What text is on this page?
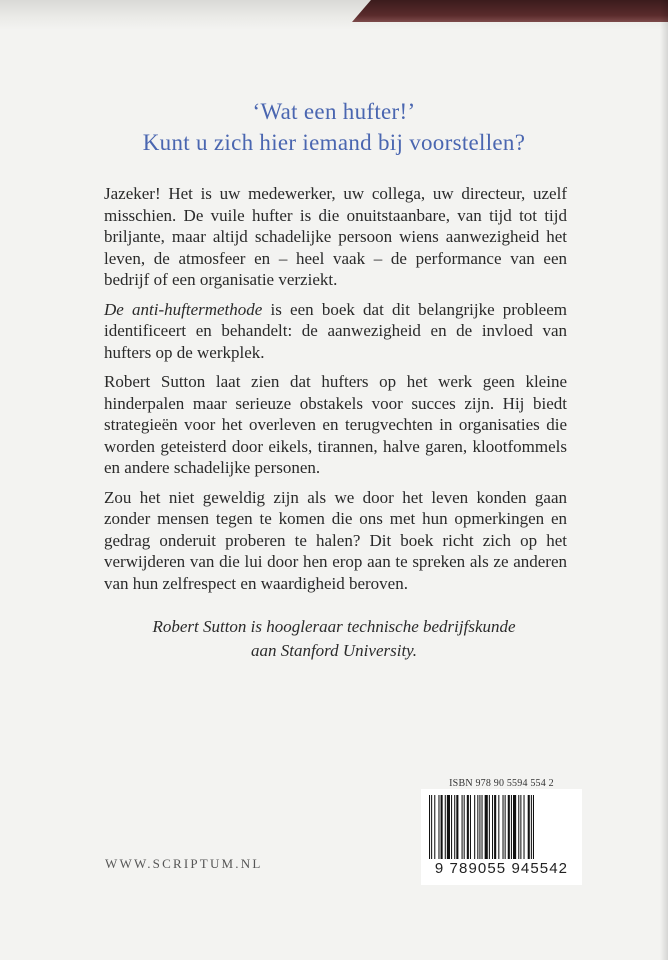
‘Wat een hufter!’
Kunt u zich hier iemand bij voorstellen?

Jazeker! Het is uw medewerker, uw collega, uw directeur, uzelf misschien. De vuile hufter is die onuitstaanbare, van tijd tot tijd briljante, maar altijd schadelijke persoon wiens aanwezigheid het leven, de atmosfeer en – heel vaak – de performance van een bedrijf of een organisatie verziekt.

De anti-huftermethode is een boek dat dit belangrijke probleem identificeert en behandelt: de aanwezigheid en de invloed van hufters op de werkplek.

Robert Sutton laat zien dat hufters op het werk geen kleine hinderpalen maar serieuze obstakels voor succes zijn. Hij biedt strategieën voor het overleven en terugvechten in organisaties die worden geteisterd door eikels, tirannen, halve garen, klootfommels en andere schadelijke personen.

Zou het niet geweldig zijn als we door het leven konden gaan zonder mensen tegen te komen die ons met hun opmerkingen en gedrag onderuit proberen te halen? Dit boek richt zich op het verwijderen van die lui door hen erop aan te spreken als ze anderen van hun zelfrespect en waardigheid beroven.

Robert Sutton is hoogleraar technische bedrijfskunde
aan Stanford University.
WWW.SCRIPTUM.NL
ISBN 978 90 5594 554 2
9 789055 945542
